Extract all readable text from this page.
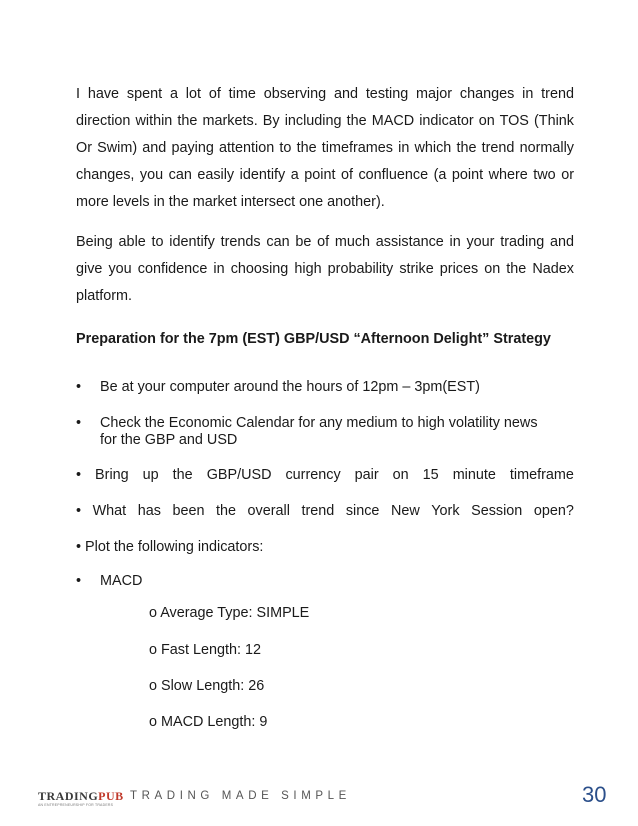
I have spent a lot of time observing and testing major changes in trend direction within the markets. By including the MACD indicator on TOS (Think Or Swim) and paying attention to the timeframes in which the trend normally changes, you can easily identify a point of confluence (a point where two or more levels in the market intersect one another).

Being able to identify trends can be of much assistance in your trading and give you confidence in choosing high probability strike prices on the Nadex platform.

Preparation for the 7pm (EST) GBP/USD “Afternoon Delight” Strategy

• Be at your computer around the hours of 12pm – 3pm(EST)
• Check the Economic Calendar for any medium to high volatility news
for the GBP and USD
• Bring up the GBP/USD currency pair on 15 minute timeframe
• What has been the overall trend since New York Session open?
• Plot the following indicators:
• MACD
o Average Type: SIMPLE
o Fast Length: 12
o Slow Length: 26
o MACD Length: 9
TRADINGPUB
AN ENTREPRENEURSHIP FOR TRADERS
TRADING MADE SIMPLE	30
